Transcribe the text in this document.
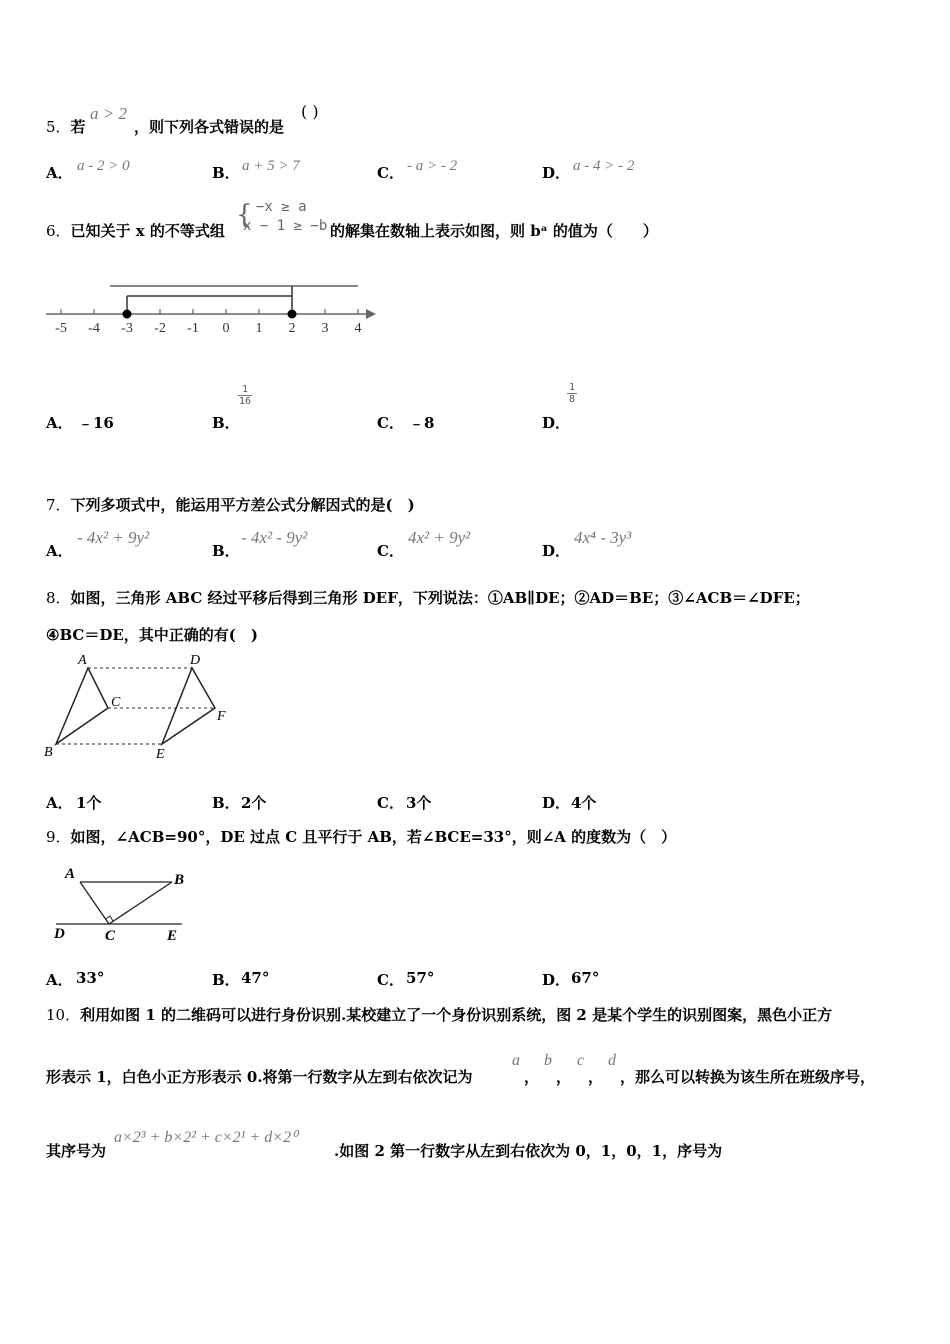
5．若
a > 2
，则下列各式错误的是
( )
A． a - 2 > 0	B． a + 5 > 7	C． - a > - 2	D． a - 4 > - 2
6．已知关于 x 的不等式组
{ −x ≥ a
x − 1 ≥ −b 的解集在数轴上表示如图，则 bᵃ 的值为（　　）
-5 -4 -3 -2 -1 0 1 2 3 4
A． ﹣16	B．
1
16
C． ﹣8	D．
1
8
7．下列多项式中，能运用平方差公式分解因式的是(　)
A．
- 4x² + 9y²
B．
- 4x² - 9y²
C．
4x² + 9y²
D．
4x⁴ - 3y³
8．如图，三角形 ABC 经过平移后得到三角形 DEF，下列说法：①AB∥DE；②AD＝BE；③∠ACB＝∠DFE；
④BC＝DE，其中正确的有(　)
A	D
C
F
B	E
A． 1个	B． 2个	C． 3个	D． 4个
9．如图，∠ACB=90°，DE 过点 C 且平行于 AB，若∠BCE=33°，则∠A 的度数为（　）
A	B
D	C	E
A． 33°	B． 47°	C． 57°	D． 67°
10．利用如图 1 的二维码可以进行身份识别.某校建立了一个身份识别系统，图 2 是某个学生的识别图案，黑色小正方
形表示 1，白色小正方形表示 0.将第一行数字从左到右依次记为
a
，
b
，
c
，
d
，那么可以转换为该生所在班级序号，
其序号为
a×2³ + b×2² + c×2¹ + d×2⁰
.如图 2 第一行数字从左到右依次为 0，1，0，1，序号为
